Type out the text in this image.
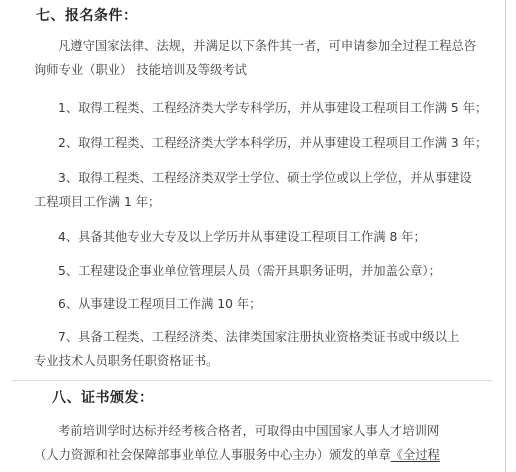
七、报名条件：
凡遵守国家法律、法规，并满足以下条件其一者，可申请参加全过程工程总咨
询师专业（职业） 技能培训及等级考试
1、取得工程类、工程经济类大学专科学历，并从事建设工程项目工作满 5 年；
2、取得工程类、工程经济类大学本科学历，并从事建设工程项目工作满 3 年；
3、取得工程类、工程经济类双学士学位、硕士学位或以上学位，并从事建设
工程项目工作满 1 年；
4、具备其他专业大专及以上学历并从事建设工程项目工作满 8 年；
5、工程建设企事业单位管理层人员（需开具职务证明，并加盖公章）；
6、从事建设工程项目工作满 10 年；
7、具备工程类、工程经济类、法律类国家注册执业资格类证书或中级以上
专业技术人员职务任职资格证书。
八、证书颁发：
考前培训学时达标并经考核合格者，可取得由中国国家人事人才培训网
（人力资源和社会保障部事业单位人事服务中心主办）颁发的单章《全过程
